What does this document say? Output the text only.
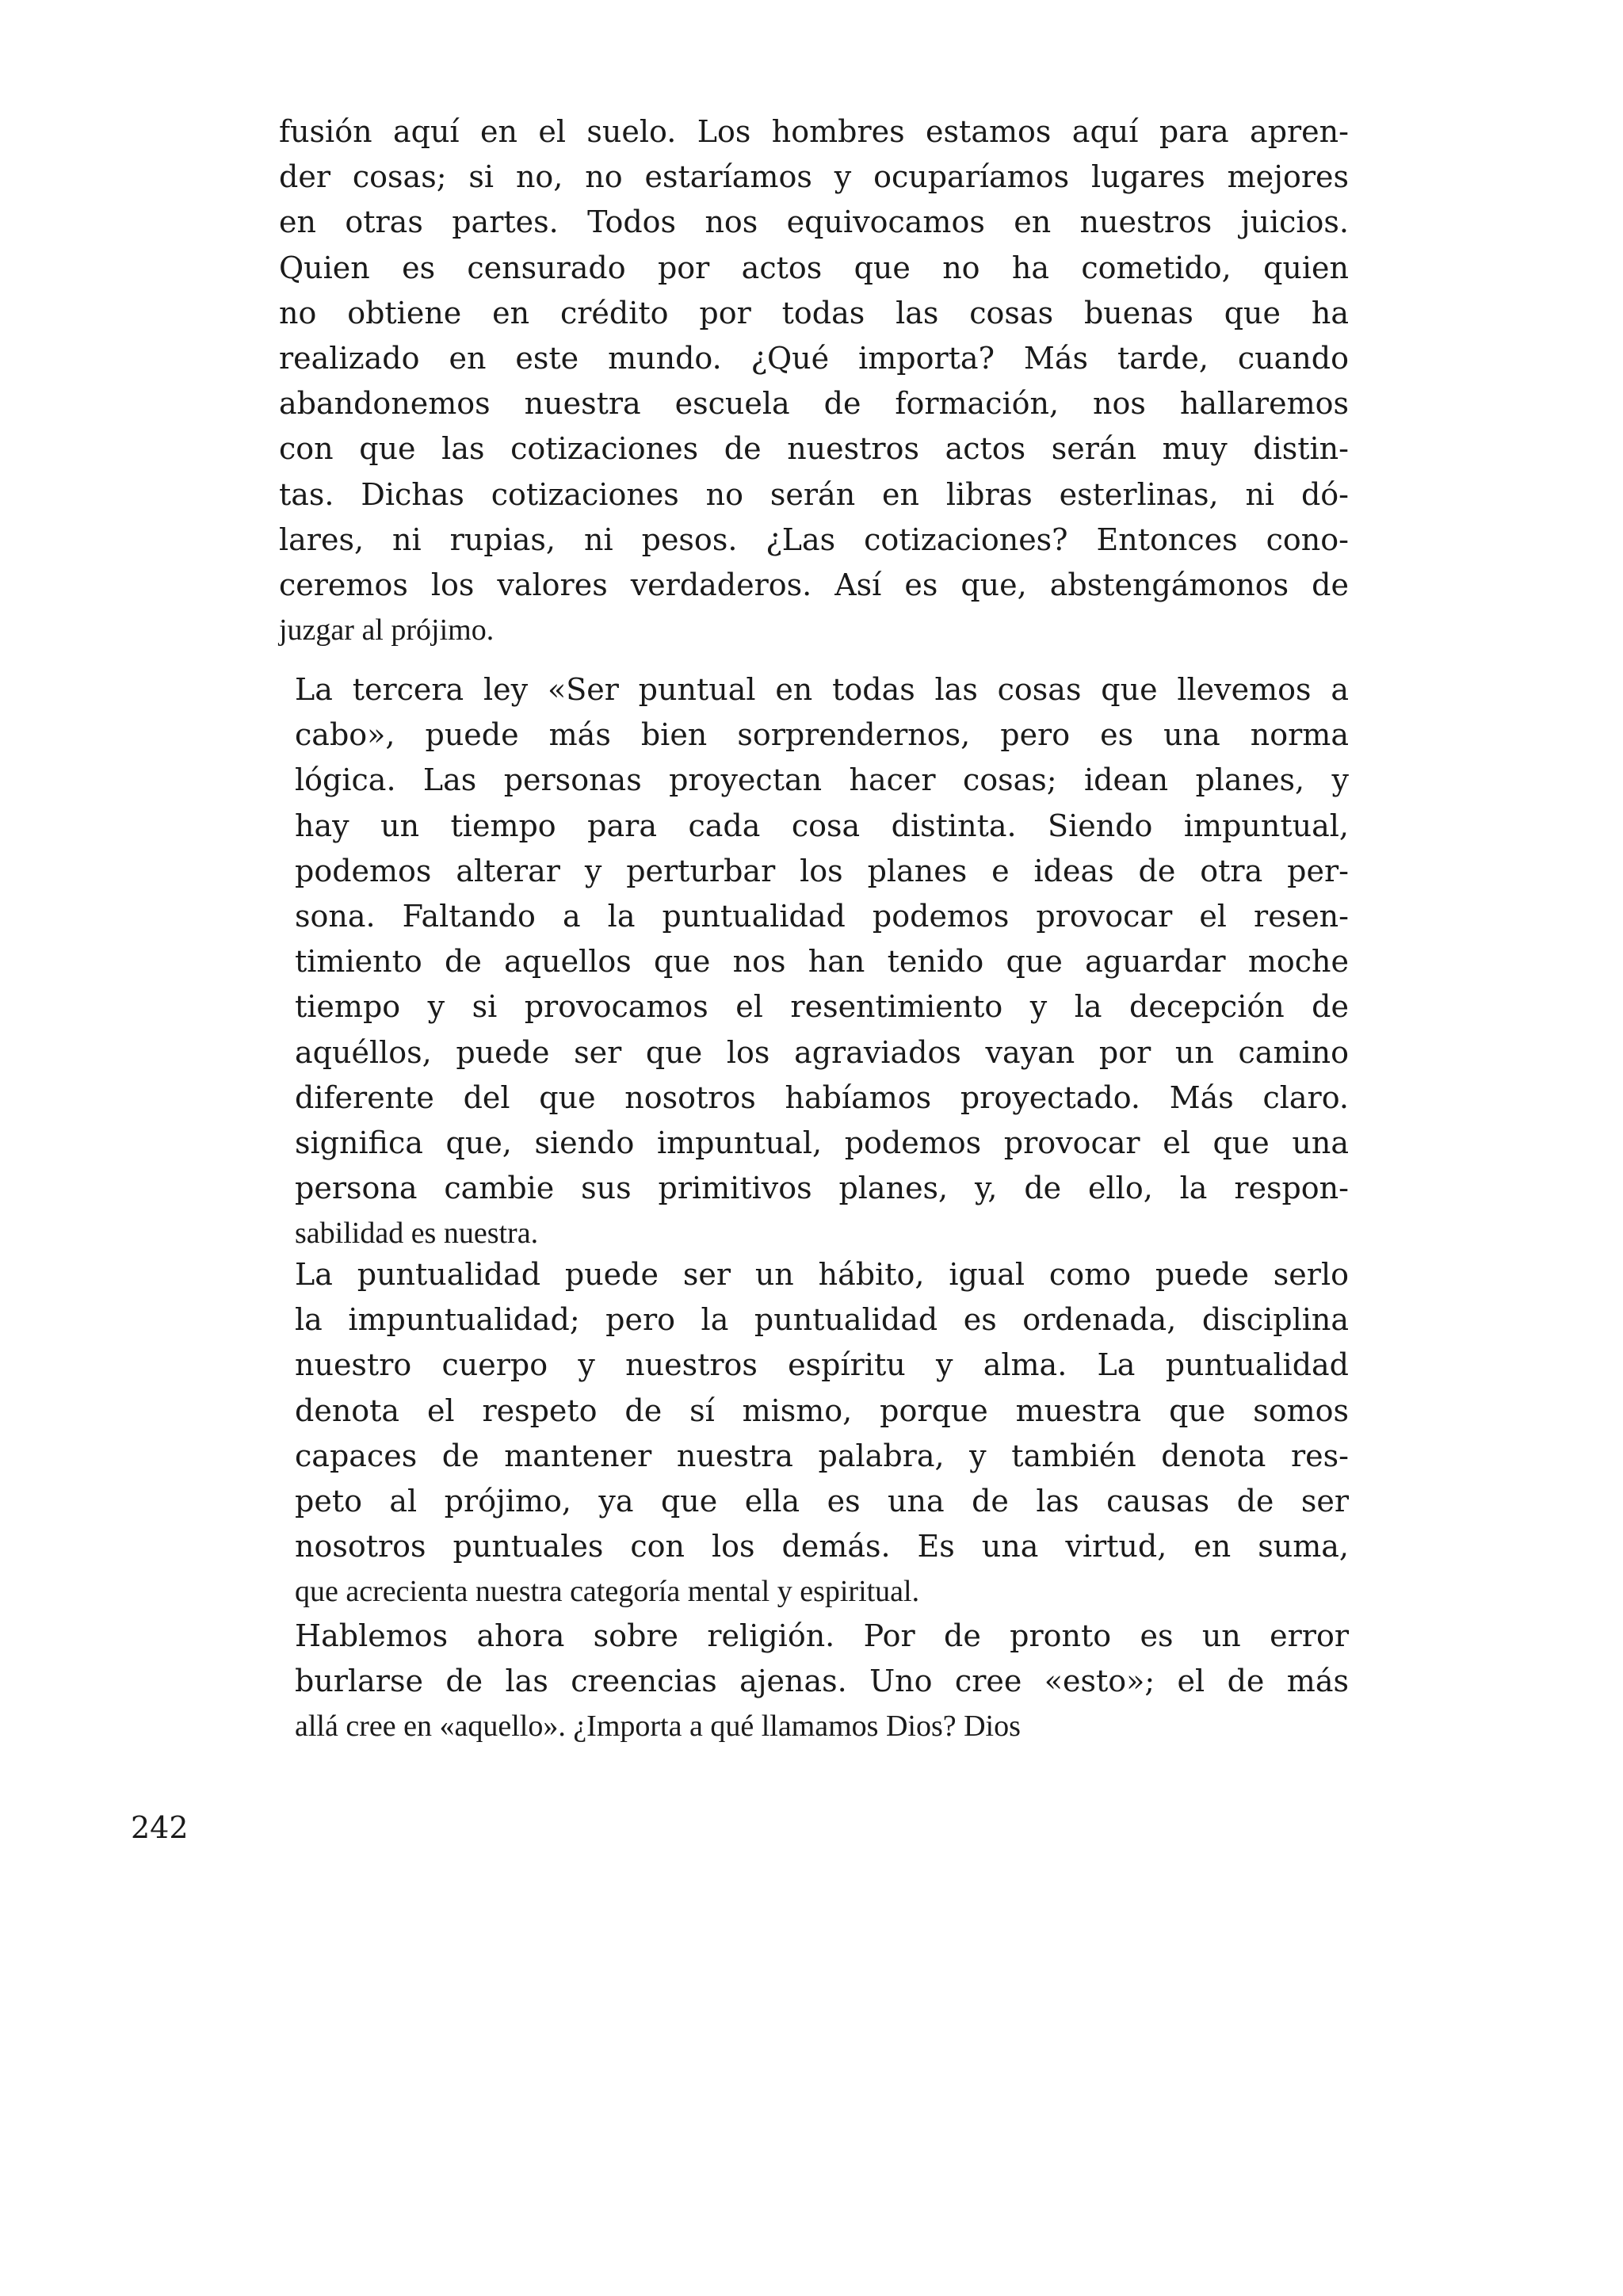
fusión aquí en el suelo. Los hombres estamos aquí para apren-
der cosas; si no, no estaríamos y ocuparíamos lugares mejores
en otras partes. Todos nos equivocamos en nuestros juicios.
Quien es censurado por actos que no ha cometido, quien
no obtiene en crédito por todas las cosas buenas que ha
realizado en este mundo. ¿Qué importa? Más tarde, cuando
abandonemos nuestra escuela de formación, nos hallaremos
con que las cotizaciones de nuestros actos serán muy distin-
tas. Dichas cotizaciones no serán en libras esterlinas, ni dó-
lares, ni rupias, ni pesos. ¿Las cotizaciones? Entonces cono-
ceremos los valores verdaderos. Así es que, abstengámonos de
juzgar al prójimo.
La tercera ley «Ser puntual en todas las cosas que llevemos a
cabo», puede más bien sorprendernos, pero es una norma
lógica. Las personas proyectan hacer cosas; idean planes, y
hay un tiempo para cada cosa distinta. Siendo impuntual,
podemos alterar y perturbar los planes e ideas de otra per-
sona. Faltando a la puntualidad podemos provocar el resen-
timiento de aquellos que nos han tenido que aguardar moche
tiempo y si provocamos el resentimiento y la decepción de
aquéllos, puede ser que los agraviados vayan por un camino
diferente del que nosotros habíamos proyectado. Más claro.
significa que, siendo impuntual, podemos provocar el que una
persona cambie sus primitivos planes, y, de ello, la respon-
sabilidad es nuestra.
La puntualidad puede ser un hábito, igual como puede serlo
la impuntualidad; pero la puntualidad es ordenada, disciplina
nuestro cuerpo y nuestros espíritu y alma. La puntualidad
denota el respeto de sí mismo, porque muestra que somos
capaces de mantener nuestra palabra, y también denota res-
peto al prójimo, ya que ella es una de las causas de ser
nosotros puntuales con los demás. Es una virtud, en suma,
que acrecienta nuestra categoría mental y espiritual.
Hablemos ahora sobre religión. Por de pronto es un error
burlarse de las creencias ajenas. Uno cree «esto»; el de más
allá cree en «aquello». ¿Importa a qué llamamos Dios? Dios
242
